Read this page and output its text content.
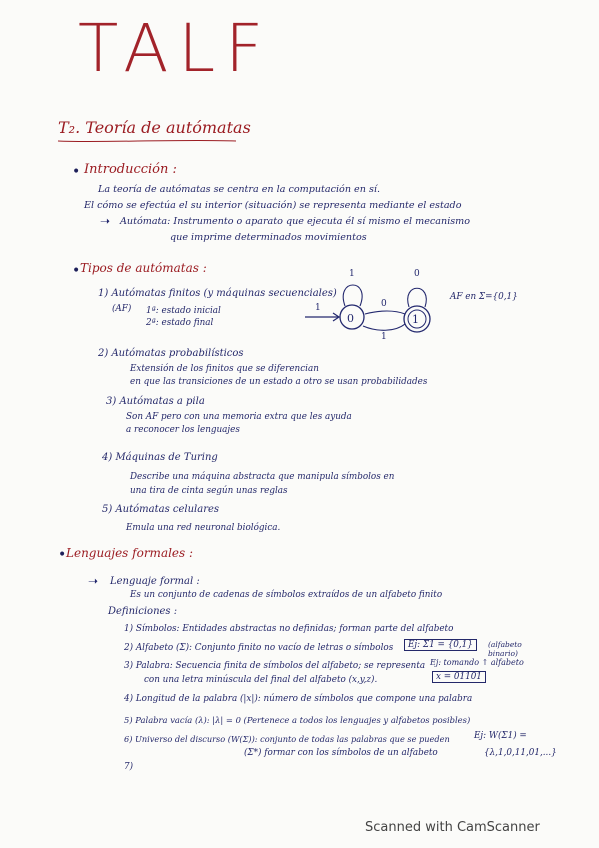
TALF
T₂. Teoría de autómatas
• Introducción :
La teoría de autómatas se centra en la computación en sí.
El cómo se efectúa el su interior (situación) se representa mediante el estado
➝ Autómata: Instrumento o aparato que ejecuta él sí mismo el mecanismo
que imprime determinados movimientos
• Tipos de autómatas :
1) Autómatas finitos (y máquinas secuenciales)
(AF) 1ª: estado inicial
2ª: estado final	0	1
1
1
0
1
0
AF en Σ={0,1}
2) Autómatas probabilísticos
Extensión de los finitos que se diferencian
en que las transiciones de un estado a otro se usan probabilidades
3) Autómatas a pila
Son AF pero con una memoria extra que les ayuda
a reconocer los lenguajes
4) Máquinas de Turing
Describe una máquina abstracta que manipula símbolos en
una tira de cinta según unas reglas
5) Autómatas celulares
Emula una red neuronal biológica.
• Lenguajes formales :
➝ Lenguaje formal :
Es un conjunto de cadenas de símbolos extraídos de un alfabeto finito
Definiciones :
1) Símbolos: Entidades abstractas no definidas; forman parte del alfabeto
2) Alfabeto (Σ): Conjunto finito no vacío de letras o símbolos	Ej: Σ1 = {0,1}	(alfabeto binario)
3) Palabra: Secuencia finita de símbolos del alfabeto; se representa Ej: tomando ↑ alfabeto
con una letra minúscula del final del alfabeto (x,y,z).	x = 01101
4) Longitud de la palabra (|x|): número de símbolos que compone una palabra
5) Palabra vacía (λ): |λ| = 0 (Pertenece a todos los lenguajes y alfabetos posibles)
6) Universo del discurso (W(Σ)): conjunto de todas las palabras que se pueden	Ej: W(Σ1) =
(Σ*) formar con los símbolos de un alfabeto	{λ,1,0,11,01,...}
7)
Scanned with CamScanner
